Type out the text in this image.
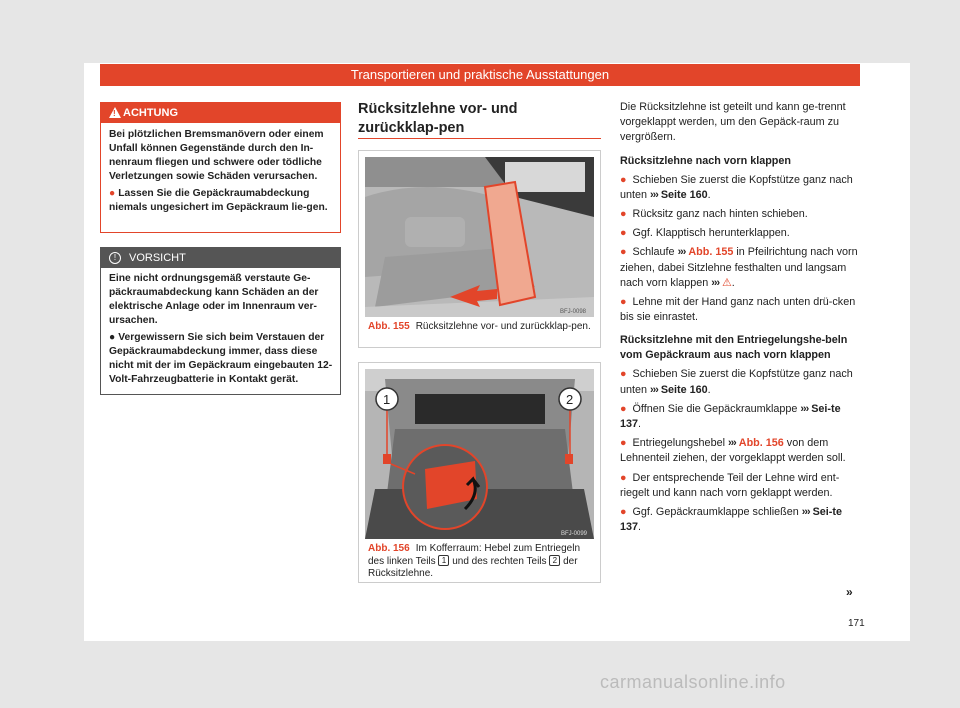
Transportieren und praktische Ausstattungen
!
ACHTUNG

Bei plötzlichen Bremsmanövern oder einem Unfall können Gegenstände durch den In-nenraum fliegen und schwere oder tödliche Verletzungen sowie Schäden verursachen.

● Lassen Sie die Gepäckraumabdeckung niemals ungesichert im Gepäckraum lie-gen.

!	VORSICHT

Eine nicht ordnungsgemäß verstaute Ge-päckraumabdeckung kann Schäden an der elektrische Anlage oder im Innenraum ver-ursachen.

● Vergewissern Sie sich beim Verstauen der Gepäckraumabdeckung immer, dass diese nicht mit der im Gepäckraum eingebauten 12-Volt-Fahrzeugbatterie in Kontakt gerät.

Rücksitzlehne vor- und zurückklap-pen
BFJ-0098
Abb. 155 Rücksitzlehne vor- und zurückklap-pen.
1	2
BFJ-0099
Abb. 156 Im Kofferraum: Hebel zum Entriegeln des linken Teils 1 und des rechten Teils 2 der Rücksitzlehne.

Die Rücksitzlehne ist geteilt und kann ge-trennt vorgeklappt werden, um den Gepäck-raum zu vergrößern.

Rücksitzlehne nach vorn klappen

● Schieben Sie zuerst die Kopfstütze ganz nach unten ››› Seite 160.

● Rücksitz ganz nach hinten schieben.

● Ggf. Klapptisch herunterklappen.

● Schlaufe ››› Abb. 155 in Pfeilrichtung nach vorn ziehen, dabei Sitzlehne festhalten und langsam nach vorn klappen ››› ⚠.

● Lehne mit der Hand ganz nach unten drü-cken bis sie einrastet.

Rücksitzlehne mit den Entriegelungshe-beln vom Gepäckraum aus nach vorn klappen

● Schieben Sie zuerst die Kopfstütze ganz nach unten ››› Seite 160.

● Öffnen Sie die Gepäckraumklappe ››› Sei-te 137.

● Entriegelungshebel ››› Abb. 156 von dem Lehnenteil ziehen, der vorgeklappt werden soll.

● Der entsprechende Teil der Lehne wird ent-riegelt und kann nach vorn geklappt werden.

● Ggf. Gepäckraumklappe schließen ››› Sei-te 137.

»
171
carmanualsonline.info
